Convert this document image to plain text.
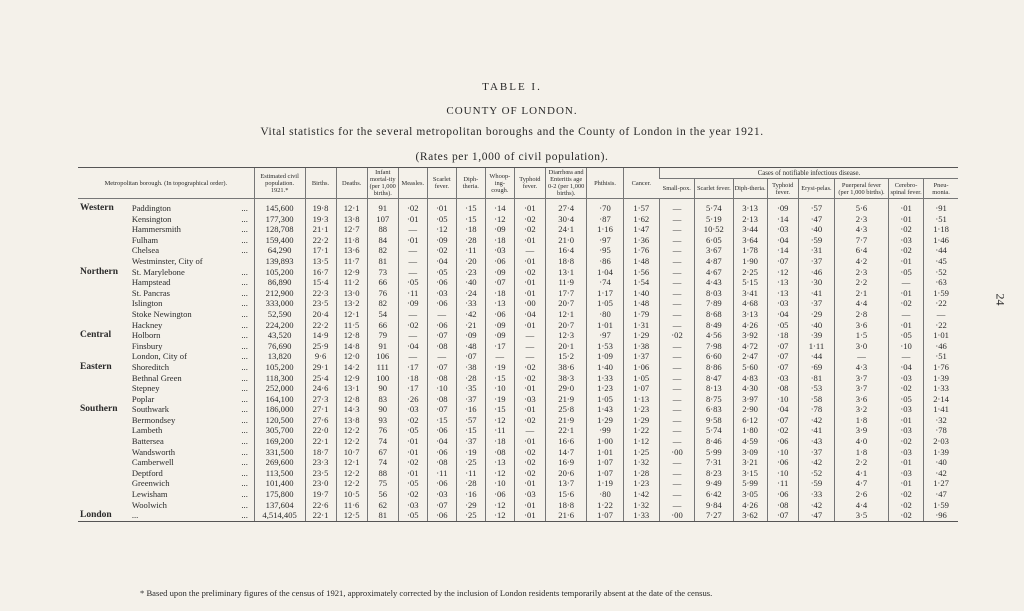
24
TABLE I.
COUNTY OF LONDON.
Vital statistics for the several metropolitan boroughs and the County of London in the year 1921.
(Rates per 1,000 of civil population).
Metropolitan borough. (In topographical order).			Estimated civil population. 1921.*	Births.	Deaths.	Infant mortal-ity (per 1,000 births).	Measles.	Scarlet fever.	Diph-theria.	Whoop-ing-cough.	Typhoid fever.	Diarrhœa and Enteritis age 0-2 (per 1,000 births).	Phthisis.	Cancer.	Cases of notifiable infectious disease.							
															Small-pox.	Scarlet fever.	Diph-theria.	Typhoid fever.	Erysi-pelas.	Puerperal fever (per 1,000 births).	Cerebro-spinal fever.	Pneu-monia.
Western	Paddington	...	145,600	19·8	12·1	91	·02	·01	·15	·14	·01	27·4	·70	1·57	—	5·74	3·13	·09	·57	5·6	·01	·91
	Kensington	...	177,300	19·3	13·8	107	·01	·05	·15	·12	·02	30·4	·87	1·62	—	5·19	2·13	·14	·47	2·3	·01	·51
	Hammersmith	...	128,708	21·1	12·7	88	—	·12	·18	·09	·02	24·1	1·16	1·47	—	10·52	3·44	·03	·40	4·3	·02	1·18
	Fulham	...	159,400	22·2	11·8	84	·01	·09	·28	·18	·01	21·0	·97	1·36	—	6·05	3·64	·04	·59	7·7	·03	1·46
	Chelsea	...	64,290	17·1	13·6	82	—	·02	·11	·03	—	16·4	·95	1·76	—	3·67	1·78	·14	·31	6·4	·02	·44
	Westminster, City of		139,893	13·5	11·7	81	—	·04	·20	·06	·01	18·8	·86	1·48	—	4·87	1·90	·07	·37	4·2	·01	·45
Northern	St. Marylebone	...	105,200	16·7	12·9	73	—	·05	·23	·09	·02	13·1	1·04	1·56	—	4·67	2·25	·12	·46	2·3	·05	·52
	Hampstead	...	86,890	15·4	11·2	66	·05	·06	·40	·07	·01	11·9	·74	1·54	—	4·43	5·15	·13	·30	2·2	—	·63
	St. Pancras	...	212,900	22·3	13·0	76	·11	·03	·24	·18	·01	17·7	1·17	1·40	—	8·03	3·41	·13	·41	2·1	·01	1·59
	Islington	...	333,000	23·5	13·2	82	·09	·06	·33	·13	·00	20·7	1·05	1·48	—	7·89	4·68	·03	·37	4·4	·02	·22
	Stoke Newington	...	52,590	20·4	12·1	54	—	—	·42	·06	·04	12·1	·80	1·79	—	8·68	3·13	·04	·29	2·8	—	—
	Hackney	...	224,200	22·2	11·5	66	·02	·06	·21	·09	·01	20·7	1·01	1·31	—	8·49	4·26	·05	·40	3·6	·01	·22
Central	Holborn	...	43,520	14·9	12·8	79	—	·07	·09	·09	—	12·3	·97	1·29	·02	4·56	3·92	·18	·39	1·5	·05	1·01
	Finsbury	...	76,690	25·9	14·8	91	·04	·08	·48	·17	—	20·1	1·53	1·38	—	7·98	4·72	·07	1·11	3·0	·10	·46
	London, City of	...	13,820	9·6	12·0	106	—	—	·07	—	—	15·2	1·09	1·37	—	6·60	2·47	·07	·44	—	—	·51
Eastern	Shoreditch	...	105,200	29·1	14·2	111	·17	·07	·38	·19	·02	38·6	1·40	1·06	—	8·86	5·60	·07	·69	4·3	·04	1·76
	Bethnal Green	...	118,300	25·4	12·9	100	·18	·08	·28	·15	·02	38·3	1·33	1·05	—	8·47	4·83	·03	·81	3·7	·03	1·39
	Stepney	...	252,000	24·6	13·1	90	·17	·10	·35	·10	·01	29·0	1·23	1·07	—	8·13	4·30	·08	·53	3·7	·02	1·33
	Poplar	...	164,100	27·3	12·8	83	·26	·08	·37	·19	·03	21·9	1·05	1·13	—	8·75	3·97	·10	·58	3·6	·05	2·14
Southern	Southwark	...	186,000	27·1	14·3	90	·03	·07	·16	·15	·01	25·8	1·43	1·23	—	6·83	2·90	·04	·78	3·2	·03	1·41
	Bermondsey	...	120,500	27·6	13·8	93	·02	·15	·57	·12	·02	21·9	1·29	1·29	—	9·58	6·12	·07	·42	1·8	·01	·32
	Lambeth	...	305,700	22·0	12·2	76	·05	·06	·15	·11	—	22·1	·99	1·22	—	5·74	1·80	·02	·41	3·9	·03	·78
	Battersea	...	169,200	22·1	12·2	74	·01	·04	·37	·18	·01	16·6	1·00	1·12	—	8·46	4·59	·06	·43	4·0	·02	2·03
	Wandsworth	...	331,500	18·7	10·7	67	·01	·06	·19	·08	·02	14·7	1·01	1·25	·00	5·99	3·09	·10	·37	1·8	·03	1·39
	Camberwell	...	269,600	23·3	12·1	74	·02	·08	·25	·13	·02	16·9	1·07	1·32	—	7·31	3·21	·06	·42	2·2	·01	·40
	Deptford	...	113,500	23·5	12·2	88	·01	·11	·11	·12	·02	20·6	1·07	1·28	—	8·23	3·15	·10	·52	4·1	·03	·42
	Greenwich	...	101,400	23·0	12·2	75	·05	·06	·28	·10	·01	13·7	1·19	1·23	—	9·49	5·99	·11	·59	4·7	·01	1·27
	Lewisham	...	175,800	19·7	10·5	56	·02	·03	·16	·06	·03	15·6	·80	1·42	—	6·42	3·05	·06	·33	2·6	·02	·47
	Woolwich	...	137,604	22·6	11·6	62	·03	·07	·29	·12	·01	18·8	1·22	1·32	—	9·84	4·26	·08	·42	4·4	·02	1·59
London	...	...	4,514,405	22·1	12·5	81	·05	·06	·25	·12	·01	21·6	1·07	1·33	·00	7·27	3·62	·07	·47	3·5	·02	·96
* Based upon the preliminary figures of the census of 1921, approximately corrected by the inclusion of London residents temporarily absent at the date of the census.
